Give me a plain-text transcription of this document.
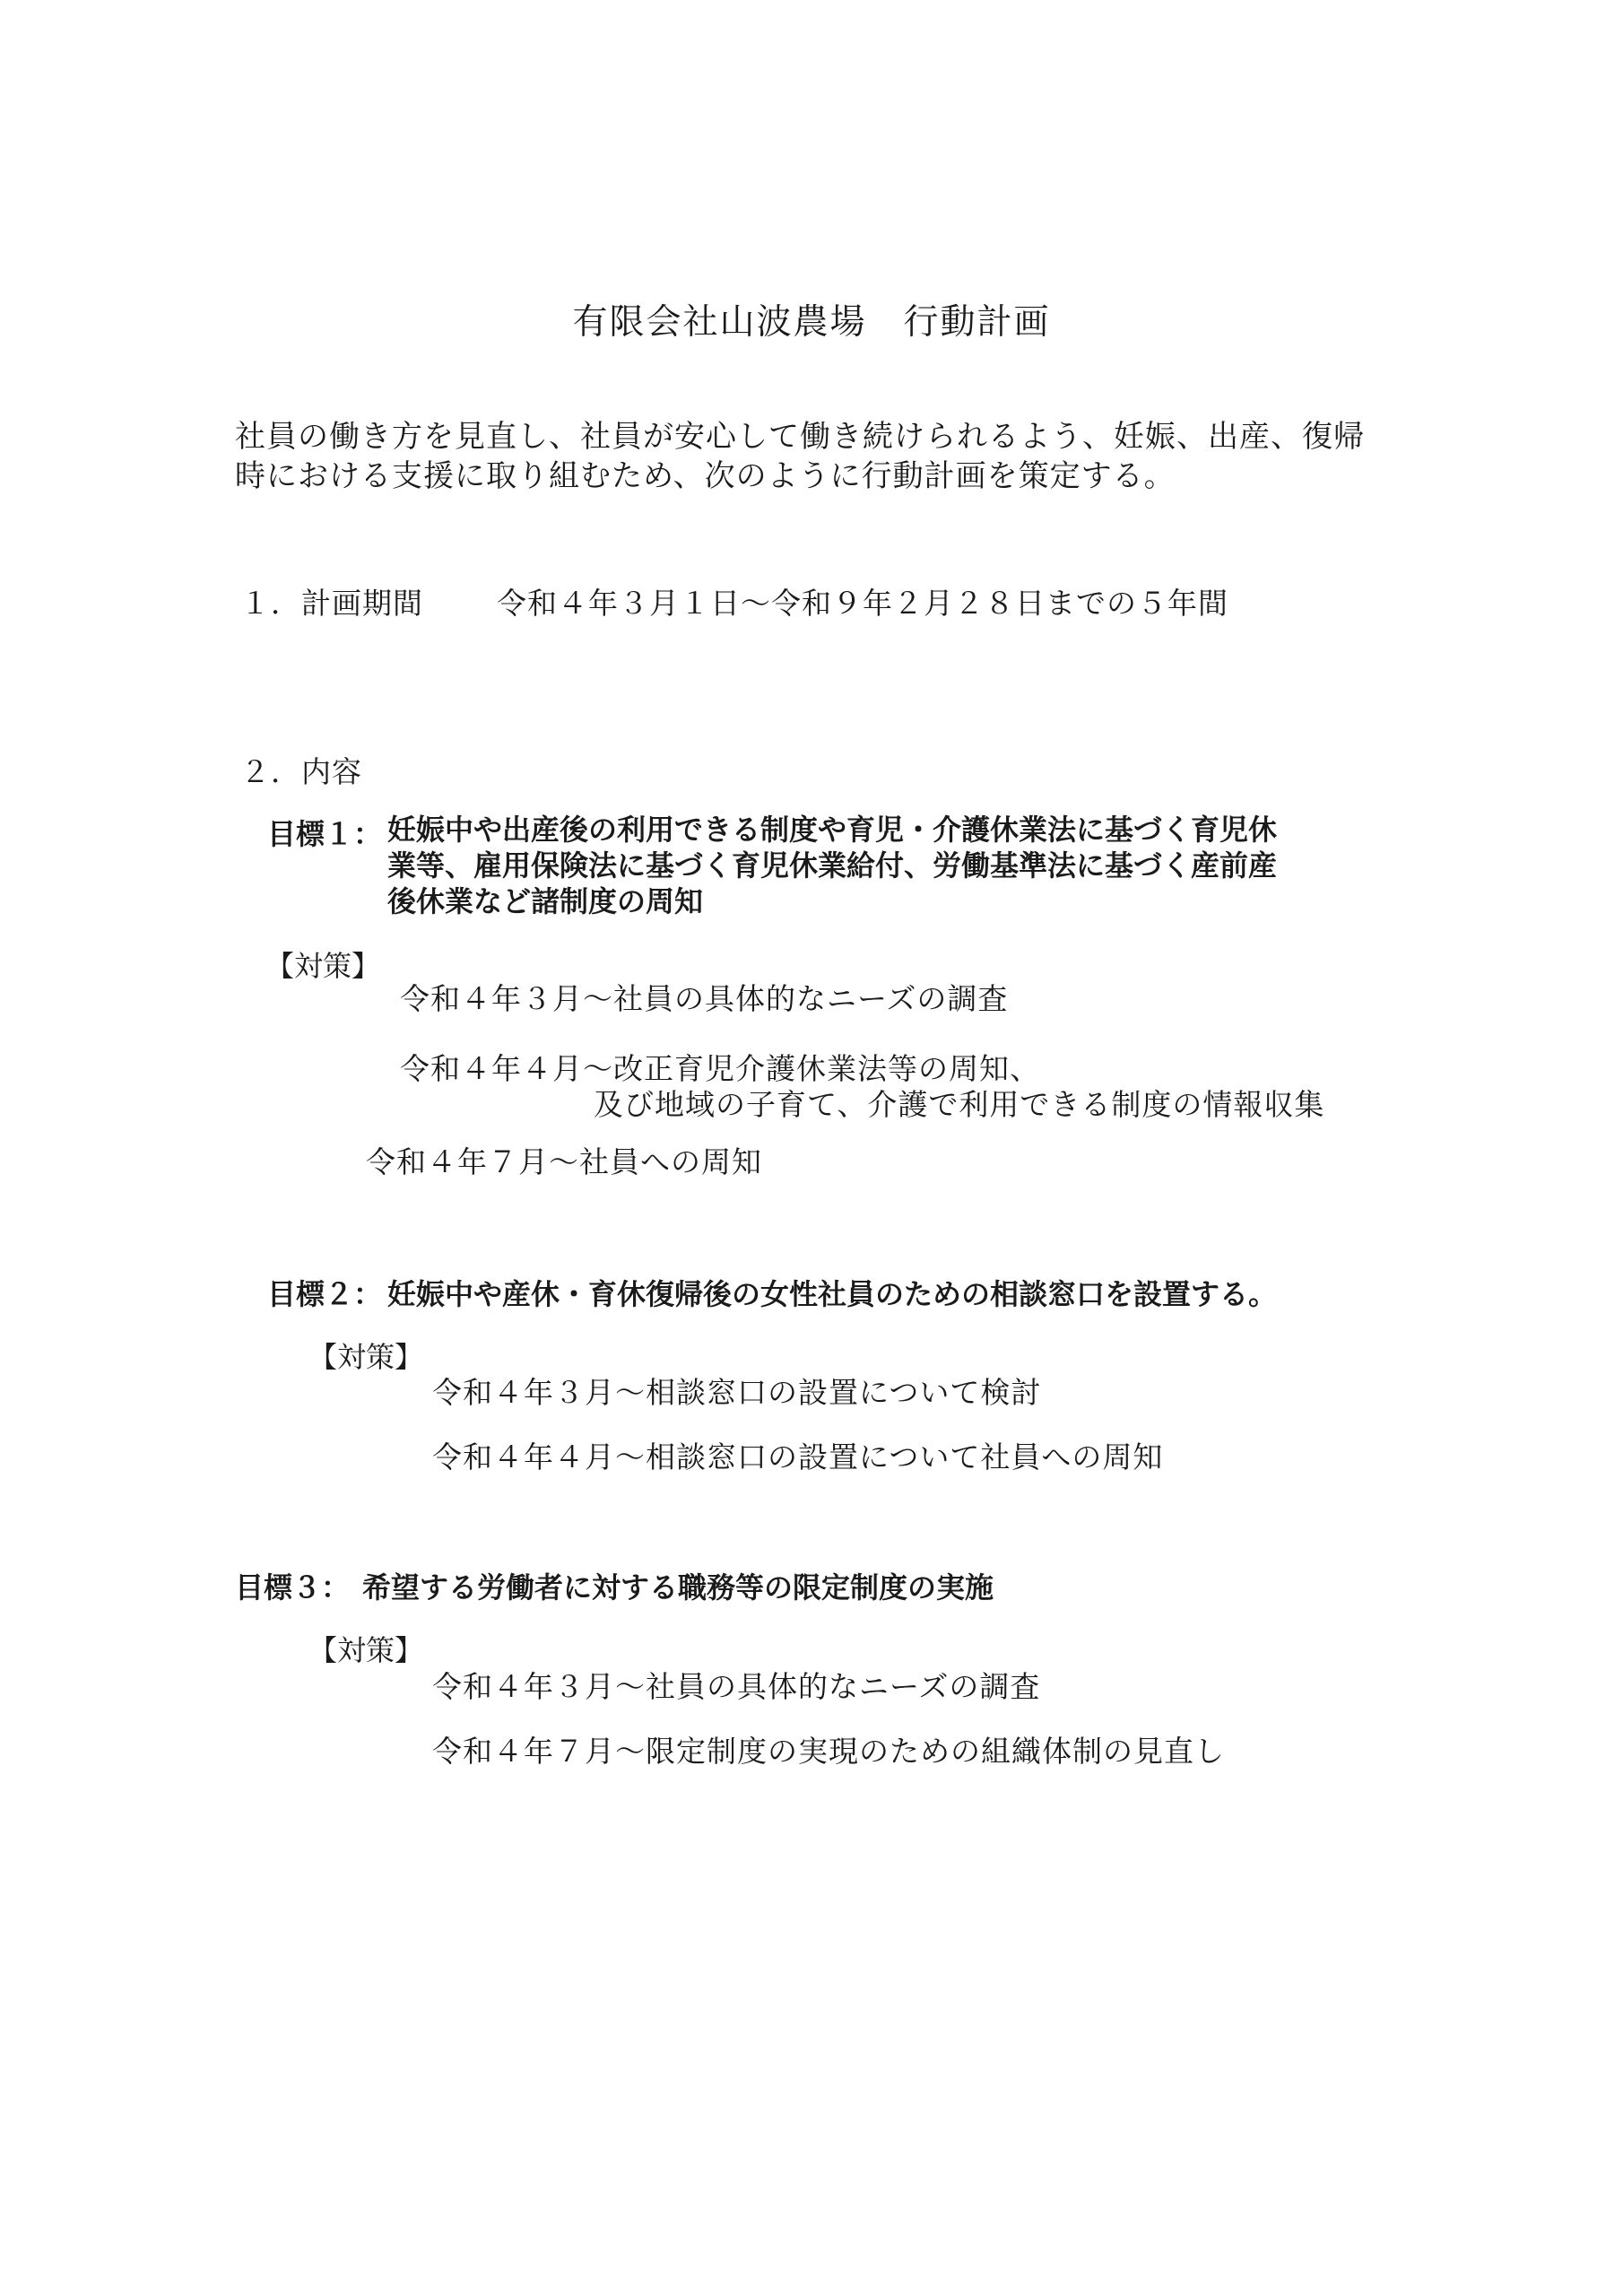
有限会社山波農場　行動計画
社員の働き方を見直し、社員が安心して働き続けられるよう、妊娠、出産、復帰
時における支援に取り組むため、次のように行動計画を策定する。
１．計画期間 令和４年３月１日～令和９年２月２８日までの５年間
２．内容
目標１： 妊娠中や出産後の利用できる制度や育児・介護休業法に基づく育児休
業等、雇用保険法に基づく育児休業給付、労働基準法に基づく産前産
後休業など諸制度の周知
【対策】
令和４年３月～社員の具体的なニーズの調査
令和４年４月～改正育児介護休業法等の周知、
及び地域の子育て、介護で利用できる制度の情報収集
令和４年７月～社員への周知
目標２： 妊娠中や産休・育休復帰後の女性社員のための相談窓口を設置する。
【対策】
令和４年３月～相談窓口の設置について検討
令和４年４月～相談窓口の設置について社員への周知
目標３： 希望する労働者に対する職務等の限定制度の実施
【対策】
令和４年３月～社員の具体的なニーズの調査
令和４年７月～限定制度の実現のための組織体制の見直し
